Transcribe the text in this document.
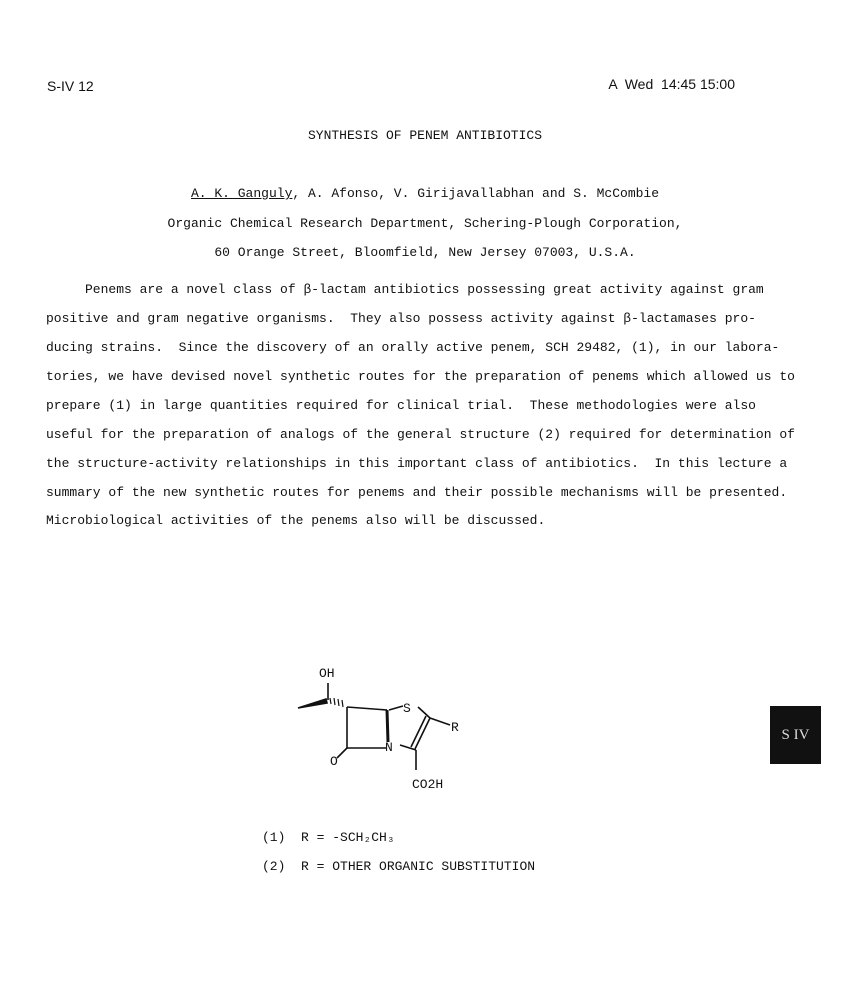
S-IV 12	A  Wed  14:45 15:00
SYNTHESIS OF PENEM ANTIBIOTICS
A. K. Ganguly, A. Afonso, V. Girijavallabhan and S. McCombie
Organic Chemical Research Department, Schering-Plough Corporation,
60 Orange Street, Bloomfield, New Jersey 07003, U.S.A.
Penems are a novel class of β-lactam antibiotics possessing great activity against gram
positive and gram negative organisms.  They also possess activity against β-lactamases pro-
ducing strains.  Since the discovery of an orally active penem, SCH 29482, (1), in our labora-
tories, we have devised novel synthetic routes for the preparation of penems which allowed us to
prepare (1) in large quantities required for clinical trial.  These methodologies were also
useful for the preparation of analogs of the general structure (2) required for determination of
the structure-activity relationships in this important class of antibiotics.  In this lecture a
summary of the new synthetic routes for penems and their possible mechanisms will be presented.
Microbiological activities of the penems also will be discussed.
OH
S
N
O
R
CO2H
(1)  R = -SCH₂CH₃
(2)  R = OTHER ORGANIC SUBSTITUTION
S IV
